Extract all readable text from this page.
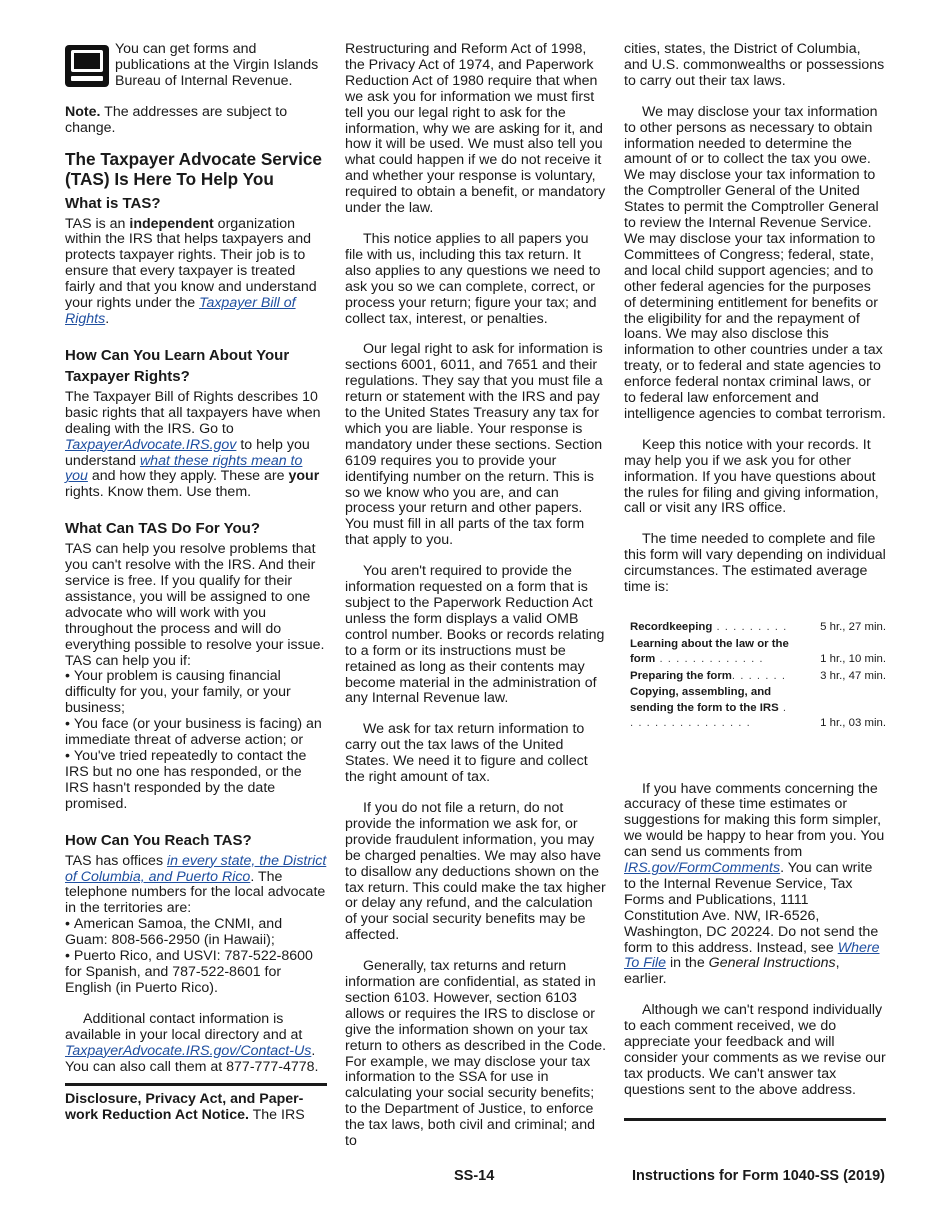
You can get forms and publications at the Virgin Islands Bureau of Internal Revenue.

Note. The addresses are subject to change.

The Taxpayer Advocate Service (TAS) Is Here To Help You
What is TAS?

TAS is an independent organization within the IRS that helps taxpayers and protects taxpayer rights. Their job is to ensure that every taxpayer is treated fairly and that you know and understand your rights under the Taxpayer Bill of Rights.

How Can You Learn About Your Taxpayer Rights?

The Taxpayer Bill of Rights describes 10 basic rights that all taxpayers have when dealing with the IRS. Go to TaxpayerAdvocate.IRS.gov to help you understand what these rights mean to you and how they apply. These are your rights. Know them. Use them.

What Can TAS Do For You?

TAS can help you resolve problems that you can't resolve with the IRS. And their service is free. If you qualify for their assistance, you will be assigned to one advocate who will work with you throughout the process and will do everything possible to resolve your issue. TAS can help you if:

• Your problem is causing financial difficulty for you, your family, or your business;

• You face (or your business is facing) an immediate threat of adverse action; or

• You've tried repeatedly to contact the IRS but no one has responded, or the IRS hasn't responded by the date promised.

How Can You Reach TAS?

TAS has offices in every state, the District of Columbia, and Puerto Rico. The telephone numbers for the local advocate in the territories are:

• American Samoa, the CNMI, and Guam: 808-566-2950 (in Hawaii);

• Puerto Rico, and USVI: 787-522-8600 for Spanish, and 787-522-8601 for English (in Puerto Rico).

Additional contact information is available in your local directory and at TaxpayerAdvocate.IRS.gov/Contact-Us. You can also call them at 877-777-4778.

Disclosure, Privacy Act, and Paper-work Reduction Act Notice. The IRS

Restructuring and Reform Act of 1998, the Privacy Act of 1974, and Paperwork Reduction Act of 1980 require that when we ask you for information we must first tell you our legal right to ask for the information, why we are asking for it, and how it will be used. We must also tell you what could happen if we do not receive it and whether your response is voluntary, required to obtain a benefit, or mandatory under the law.

This notice applies to all papers you file with us, including this tax return. It also applies to any questions we need to ask you so we can complete, correct, or process your return; figure your tax; and collect tax, interest, or penalties.

Our legal right to ask for information is sections 6001, 6011, and 7651 and their regulations. They say that you must file a return or statement with the IRS and pay to the United States Treasury any tax for which you are liable. Your response is mandatory under these sections. Section 6109 requires you to provide your identifying number on the return. This is so we know who you are, and can process your return and other papers. You must fill in all parts of the tax form that apply to you.

You aren't required to provide the information requested on a form that is subject to the Paperwork Reduction Act unless the form displays a valid OMB control number. Books or records relating to a form or its instructions must be retained as long as their contents may become material in the administration of any Internal Revenue law.

We ask for tax return information to carry out the tax laws of the United States. We need it to figure and collect the right amount of tax.

If you do not file a return, do not provide the information we ask for, or provide fraudulent information, you may be charged penalties. We may also have to disallow any deductions shown on the tax return. This could make the tax higher or delay any refund, and the calculation of your social security benefits may be affected.

Generally, tax returns and return information are confidential, as stated in section 6103. However, section 6103 allows or requires the IRS to disclose or give the information shown on your tax return to others as described in the Code. For example, we may disclose your tax information to the SSA for use in calculating your social security benefits; to the Department of Justice, to enforce the tax laws, both civil and criminal; and to

cities, states, the District of Columbia, and U.S. commonwealths or possessions to carry out their tax laws.

We may disclose your tax information to other persons as necessary to obtain information needed to determine the amount of or to collect the tax you owe. We may disclose your tax information to the Comptroller General of the United States to permit the Comptroller General to review the Internal Revenue Service. We may disclose your tax information to Committees of Congress; federal, state, and local child support agencies; and to other federal agencies for the purposes of determining entitlement for benefits or the eligibility for and the repayment of loans. We may also disclose this information to other countries under a tax treaty, or to federal and state agencies to enforce federal nontax criminal laws, or to federal law enforcement and intelligence agencies to combat terrorism.

Keep this notice with your records. It may help you if we ask you for other information. If you have questions about the rules for filing and giving information, call or visit any IRS office.

The time needed to complete and file this form will vary depending on individual circumstances. The estimated average time is:

Recordkeeping . . . . . . . . .	5 hr., 27 min.
Learning about the law or the form . . . . . . . . . . . . .	1 hr., 10 min.
Preparing the form. . . . . . .	3 hr., 47 min.
Copying, assembling, and sending the form to the IRS . . . . . . . . . . . . . . . .	1 hr., 03 min.

If you have comments concerning the accuracy of these time estimates or suggestions for making this form simpler, we would be happy to hear from you. You can send us comments from IRS.gov/FormComments. You can write to the Internal Revenue Service, Tax Forms and Publications, 1111 Constitution Ave. NW, IR-6526, Washington, DC 20224. Do not send the form to this address. Instead, see Where To File in the General Instructions, earlier.

Although we can't respond individually to each comment received, we do appreciate your feedback and will consider your comments as we revise our tax products. We can't answer tax questions sent to the above address.

SS-14	Instructions for Form 1040-SS (2019)
